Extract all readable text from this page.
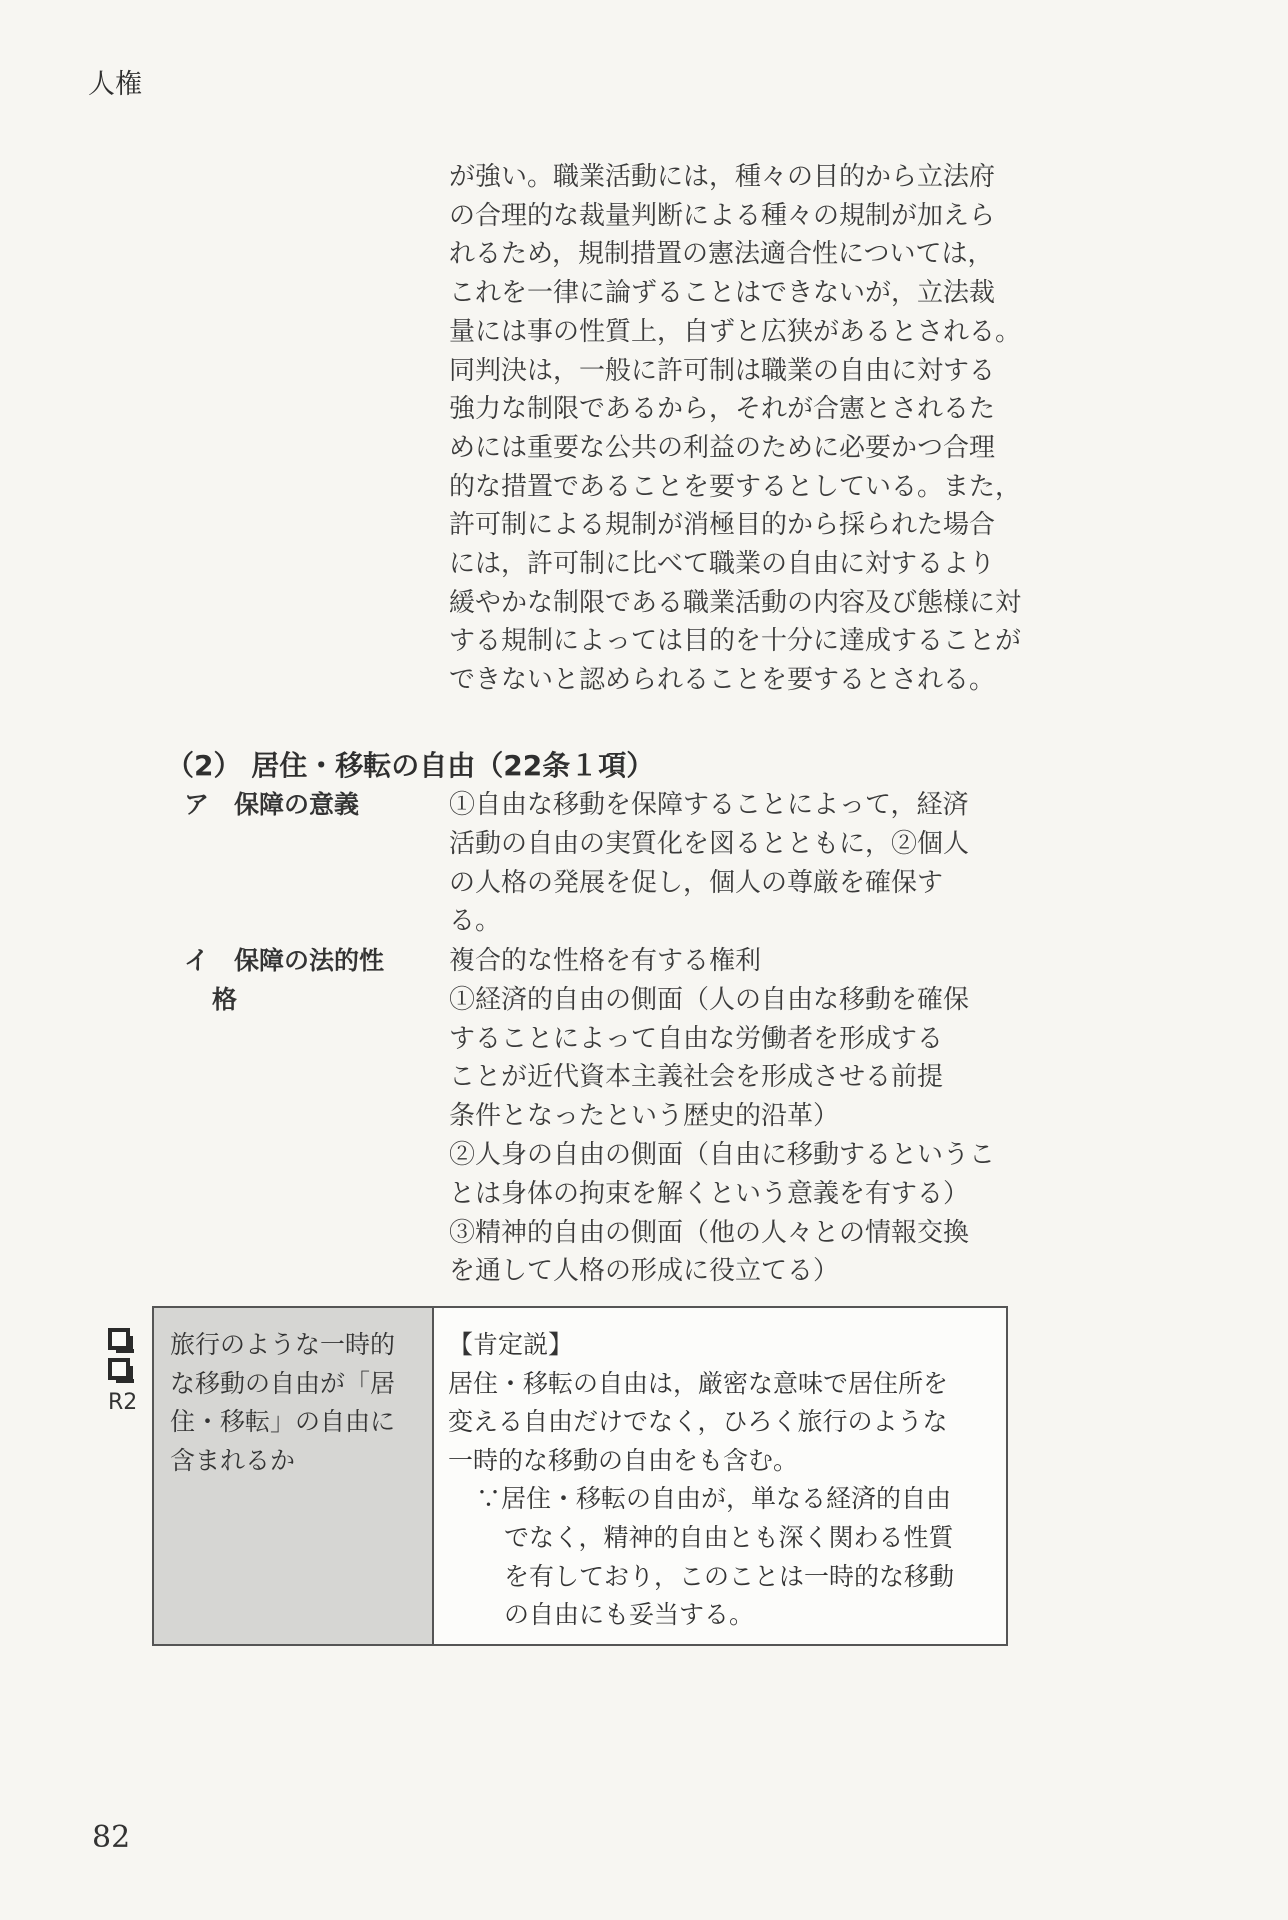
人権
が強い。職業活動には，種々の目的から立法府
の合理的な裁量判断による種々の規制が加えら
れるため，規制措置の憲法適合性については，
これを一律に論ずることはできないが，立法裁
量には事の性質上，自ずと広狭があるとされる。
同判決は，一般に許可制は職業の自由に対する
強力な制限であるから，それが合憲とされるた
めには重要な公共の利益のために必要かつ合理
的な措置であることを要するとしている。また，
許可制による規制が消極目的から採られた場合
には，許可制に比べて職業の自由に対するより
緩やかな制限である職業活動の内容及び態様に対
する規制によっては目的を十分に達成することが
できないと認められることを要するとされる。
（2） 居住・移転の自由（22条１項）
ア　保障の意義	①自由な移動を保障することによって，経済
活動の自由の実質化を図るとともに，②個人
の人格の発展を促し，個人の尊厳を確保す
る。
イ　保障の法的性
格
複合的な性格を有する権利
①経済的自由の側面（人の自由な移動を確保
することによって自由な労働者を形成する
ことが近代資本主義社会を形成させる前提
条件となったという歴史的沿革）
②人身の自由の側面（自由に移動するというこ
とは身体の拘束を解くという意義を有する）
③精神的自由の側面（他の人々との情報交換
を通して人格の形成に役立てる）
R2
旅行のような一時的
な移動の自由が「居
住・移転」の自由に
含まれるか
【肯定説】
居住・移転の自由は，厳密な意味で居住所を
変える自由だけでなく，ひろく旅行のような
一時的な移動の自由をも含む。
∵居住・移転の自由が，単なる経済的自由
でなく，精神的自由とも深く関わる性質
を有しており，このことは一時的な移動
の自由にも妥当する。
82
